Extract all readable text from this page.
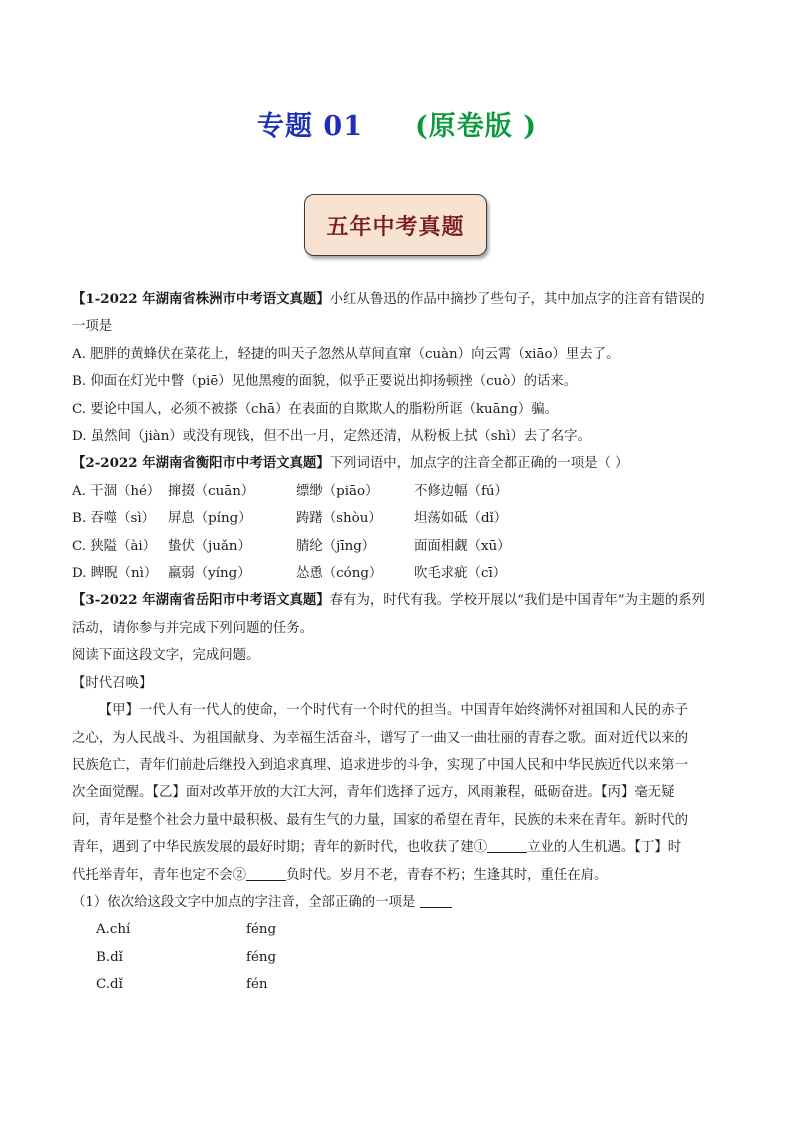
专题 01 (原卷版 )
五年中考真题

【1-2022 年湖南省株洲市中考语文真题】小红从鲁迅的作品中摘抄了些句子，其中加点字的注音有错误的

一项是

A. 肥胖的黄蜂伏在菜花上，轻捷的叫天子忽然从草间直窜（cuàn）向云霄（xiāo）里去了。

B. 仰面在灯光中瞥（piē）见他黑瘦的面貌，似乎正要说出抑扬顿挫（cuò）的话来。

C. 要论中国人，必须不被搽（chā）在表面的自欺欺人的脂粉所诓（kuāng）骗。

D. 虽然间（jiàn）或没有现钱，但不出一月，定然还清，从粉板上拭（shì）去了名字。

【2-2022 年湖南省衡阳市中考语文真题】下列词语中，加点字的注音全都正确的一项是（ ）

A. 干涸（hé） 撺掇（cuān）	缥缈（piāo）	不修边幅（fú）
B. 吞噬（sì） 屏息（píng）	踌躇（shòu）	坦荡如砥（dǐ）
C. 狭隘（ài） 蛰伏（juǎn）	腈纶（jīng）	面面相觑（xū）
D. 睥睨（nì） 羸弱（yíng）	怂恿（cóng）	吹毛求疵（cī）

【3-2022 年湖南省岳阳市中考语文真题】春有为，时代有我。学校开展以“我们是中国青年”为主题的系列

活动，请你参与并完成下列问题的任务。

阅读下面这段文字，完成问题。

【时代召唤】

【甲】一代人有一代人的使命，一个时代有一个时代的担当。中国青年始终满怀对祖国和人民的赤子

之心，为人民战斗、为祖国献身、为幸福生活奋斗，谱写了一曲又一曲壮丽的青春之歌。面对近代以来的

民族危亡，青年们前赴后继投入到追求真理、追求进步的斗争，实现了中国人民和中华民族近代以来第一

次全面觉醒。【乙】面对改革开放的大江大河，青年们选择了远方，风雨兼程，砥砺奋进。【丙】毫无疑

问，青年是整个社会力量中最积极、最有生气的力量，国家的希望在青年，民族的未来在青年。新时代的

青年，遇到了中华民族发展的最好时期；青年的新时代，也收获了建①	立业的人生机遇。【丁】时

代托举青年，青年也定不会②	负时代。岁月不老，青春不朽；生逢其时，重任在肩。

（1）依次给这段文字中加点的字注音，全部正确的一项是

A.chí	féng
B.dǐ	féng
C.dǐ	fén
